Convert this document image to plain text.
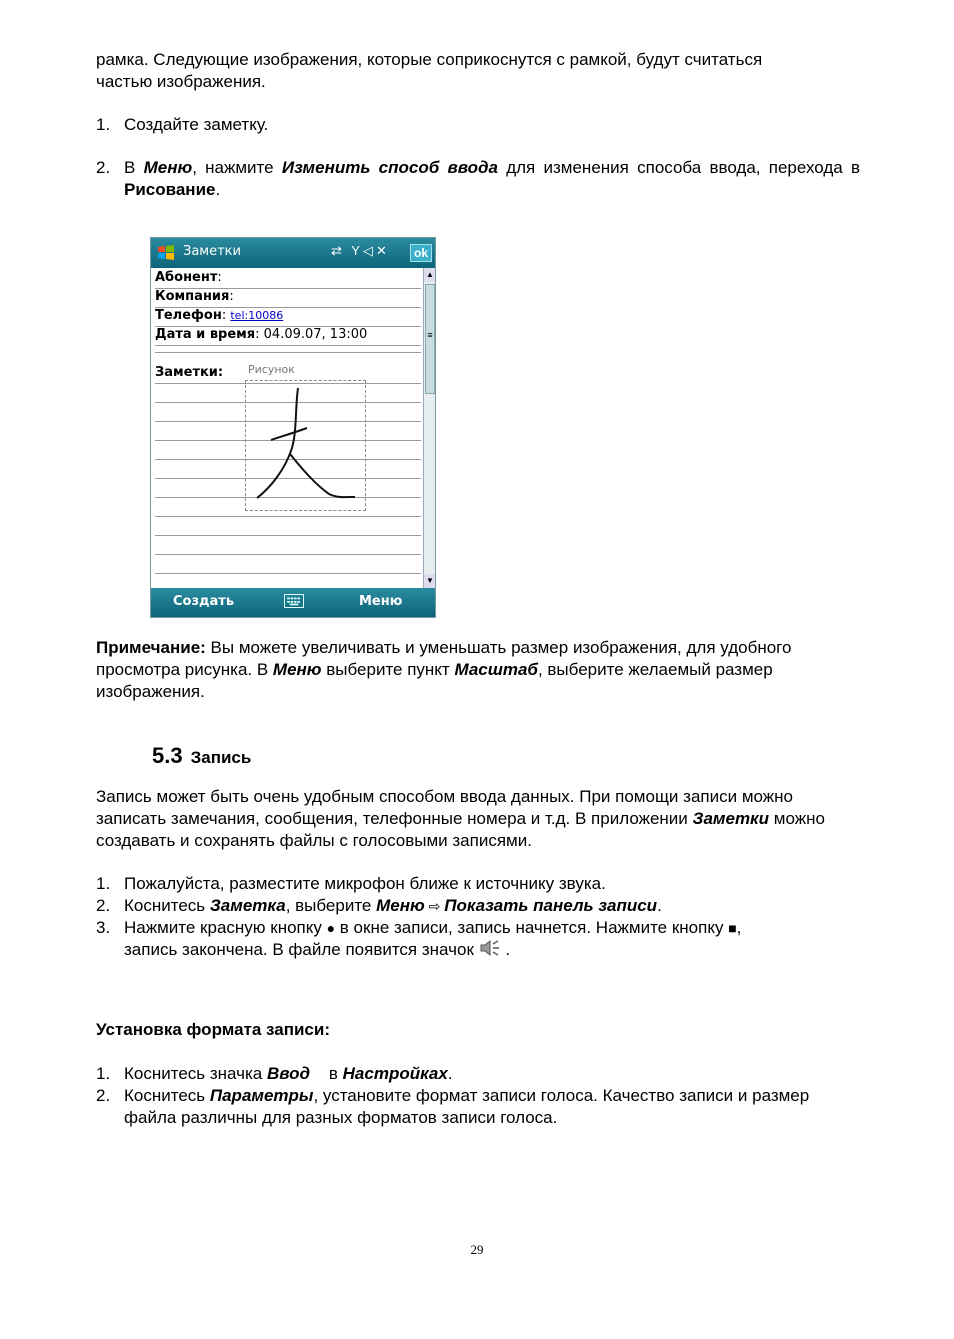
рамка. Следующие изображения, которые соприкоснутся с рамкой, будут считаться
частью изображения.
1. Создайте заметку.
2. В Меню, нажмите Изменить способ ввода для изменения способа ввода, перехода в Рисование.
Заметки	⇄ Y◁✕	ok
Абонент:
Компания:
Телефон: tel:10086
Дата и время: 04.09.07, 13:00
Заметки:	Рисунок
▲
≡
▼
Создать	Меню
Примечание: Вы можете увеличивать и уменьшать размер изображения, для удобного просмотра рисунка. В Меню выберите пункт Масштаб, выберите желаемый размер изображения.
5.3 Запись
Запись может быть очень удобным способом ввода данных. При помощи записи можно записать замечания, сообщения, телефонные номера и т.д. В приложении Заметки можно создавать и сохранять файлы с голосовыми записями.
1. Пожалуйста, разместите микрофон ближе к источнику звука.
2. Коснитесь Заметка, выберите Меню ⇨ Показать панель записи.
3. Нажмите красную кнопку ● в окне записи, запись начнется. Нажмите кнопку ■,
запись закончена. В файле появится значок  .
Установка формата записи:
1. Коснитесь значка Ввод    в Настройках.
2. Коснитесь Параметры, установите формат записи голоса. Качество записи и размер файла различны для разных форматов записи голоса.
29
